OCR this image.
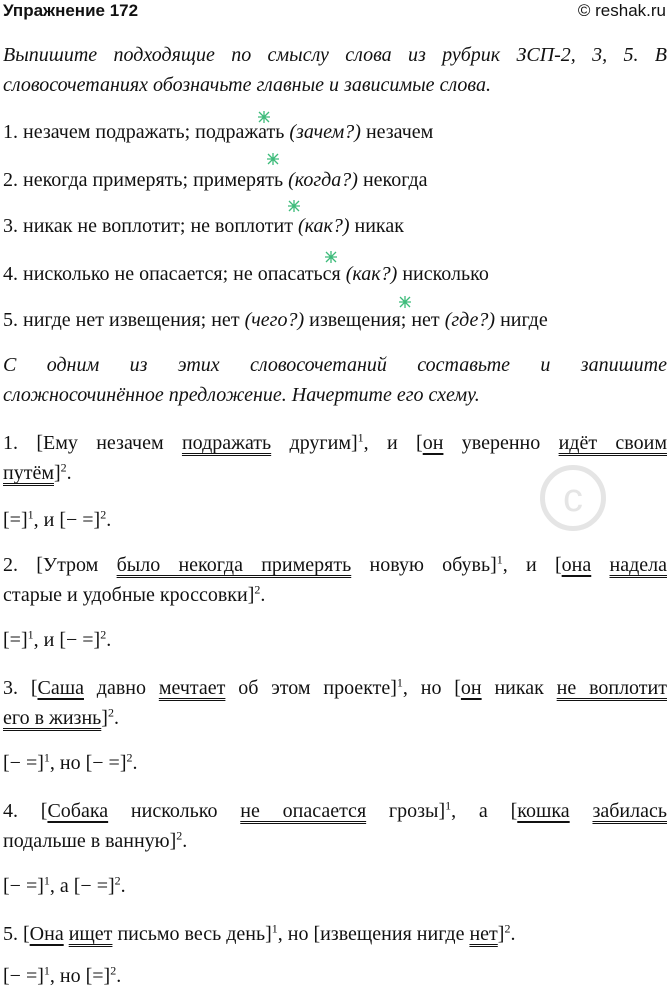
c
Упражнение 172	© reshak.ru
Выпишите подходящие по смыслу слова из рубрик ЗСП-2, 3, 5. В
словосочетаниях обозначьте главные и зависимые слова.
1. незачем подражать; подражать (зачем?) незачем
2. некогда примерять; примерять (когда?) некогда
3. никак не воплотит; не воплотит (как?) никак
4. нисколько не опасается; не опасаться (как?) нисколько
5. нигде нет извещения; нет (чего?) извещения; нет (где?) нигде
С одним из этих словосочетаний составьте и запишите
сложносочинённое предложение. Начертите его схему.
1. [Ему незачем подражать другим]$^1$, и [он уверенно идёт своим
путём]$^2$.
[=]$^1$, и [− =]$^2$.
2. [Утром было некогда примерять новую обувь]$^1$, и [она надела
старые и удобные кроссовки]$^2$.
[=]$^1$, и [− =]$^2$.
3. [Саша давно мечтает об этом проекте]$^1$, но [он никак не воплотит
его в жизнь]$^2$.
[− =]$^1$, но [− =]$^2$.
4. [Собака нисколько не опасается грозы]$^1$, а [кошка забилась
подальше в ванную]$^2$.
[− =]$^1$, а [− =]$^2$.
5. [Она ищет письмо весь день]$^1$, но [извещения нигде нет]$^2$.
[− =]$^1$, но [=]$^2$.
